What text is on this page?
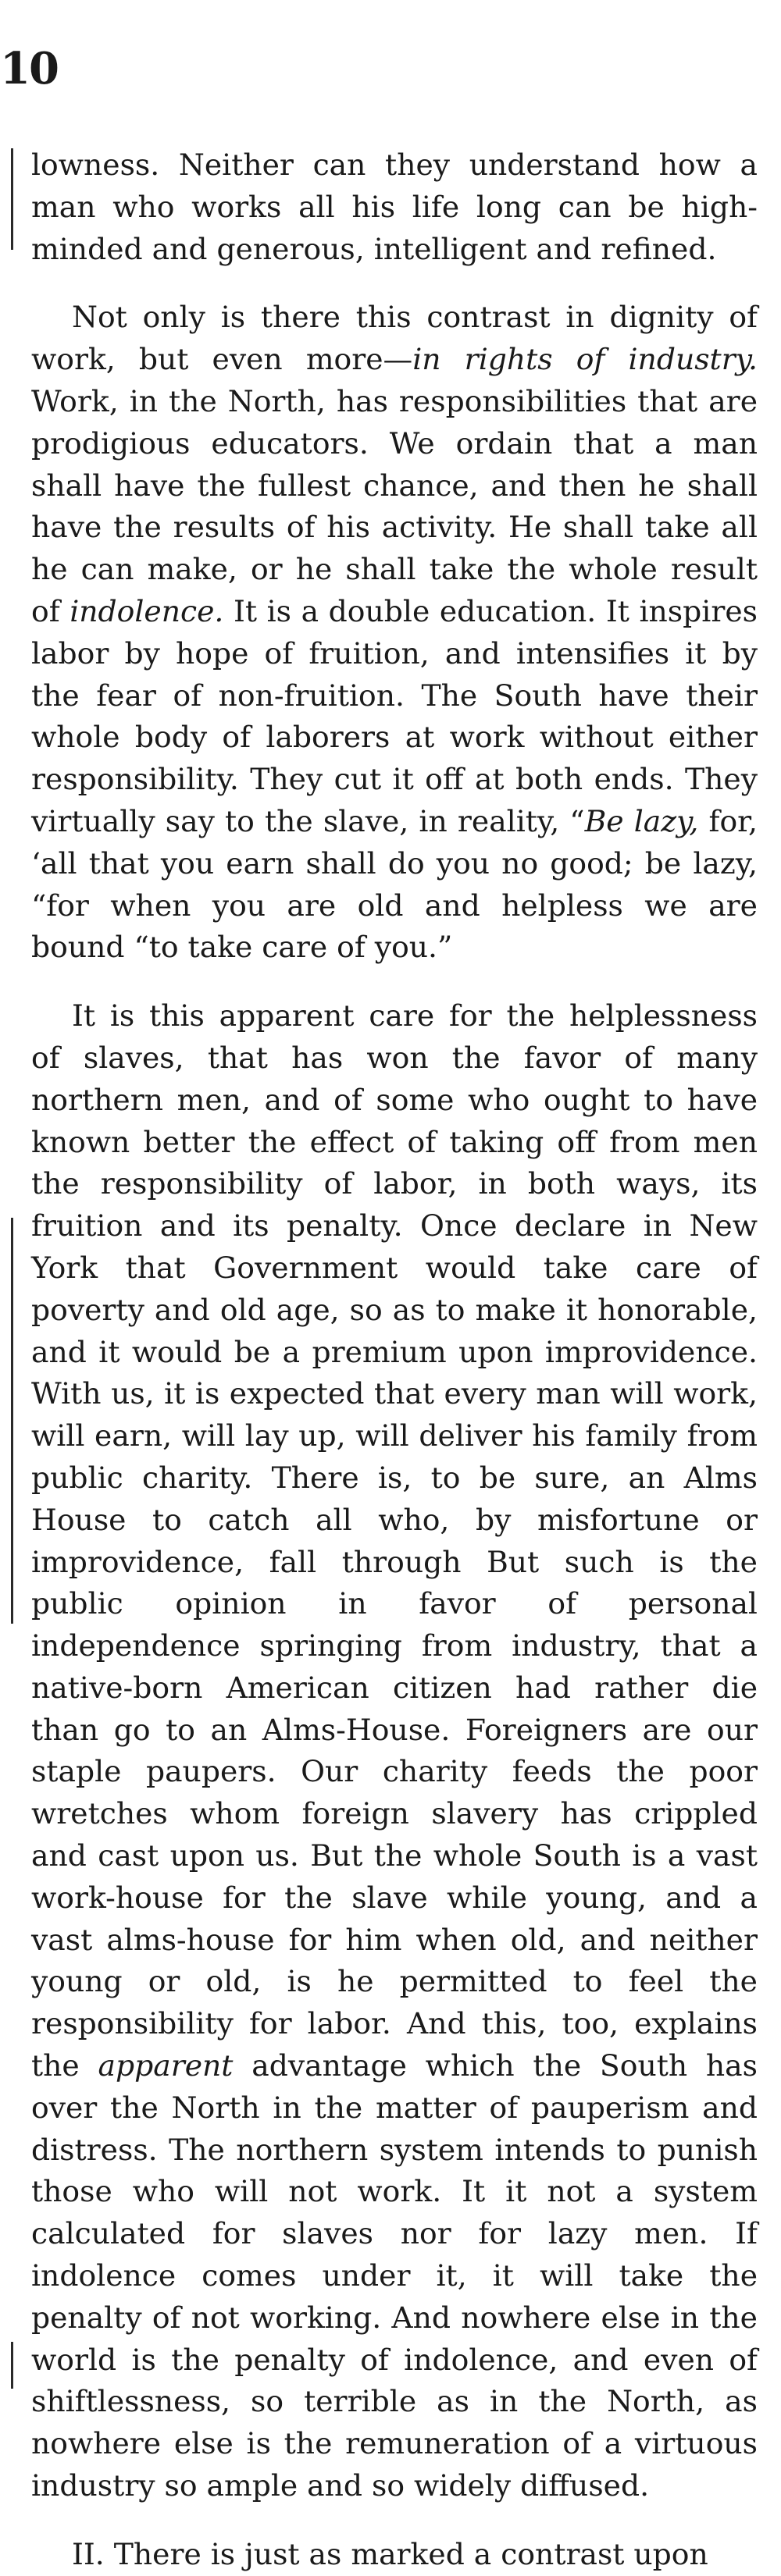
10

lowness. Neither can they understand how a man who works all his life long can be high-minded and generous, intelligent and refined.

Not only is there this contrast in dignity of work, but even more—in rights of industry. Work, in the North, has responsibilities that are prodigious educators. We ordain that a man shall have the fullest chance, and then he shall have the results of his activity. He shall take all he can make, or he shall take the whole result of indolence. It is a double education. It inspires labor by hope of fruition, and intensifies it by the fear of non-fruition. The South have their whole body of laborers at work without either responsibility. They cut it off at both ends. They virtually say to the slave, in reality, “Be lazy, for, ‘all that you earn shall do you no good; be lazy, “for when you are old and helpless we are bound “to take care of you.”

It is this apparent care for the helplessness of slaves, that has won the favor of many northern men, and of some who ought to have known better the effect of taking off from men the responsibility of labor, in both ways, its fruition and its penalty. Once declare in New York that Government would take care of poverty and old age, so as to make it honorable, and it would be a premium upon improvidence. With us, it is expected that every man will work, will earn, will lay up, will deliver his family from public charity. There is, to be sure, an Alms House to catch all who, by misfortune or improvidence, fall through But such is the public opinion in favor of personal independence springing from industry, that a native-born American citizen had rather die than go to an Alms-House. Foreigners are our staple paupers. Our charity feeds the poor wretches whom foreign slavery has crippled and cast upon us. But the whole South is a vast work-house for the slave while young, and a vast alms-house for him when old, and neither young or old, is he permitted to feel the responsibility for labor. And this, too, explains the apparent advantage which the South has over the North in the matter of pauperism and distress. The northern system intends to punish those who will not work. It it not a system calculated for slaves nor for lazy men. If indolence comes under it, it will take the penalty of not working. And nowhere else in the world is the penalty of indolence, and even of shiftlessness, so terrible as in the North, as nowhere else is the remuneration of a virtuous industry so ample and so widely diffused.

II. There is just as marked a contrast upon
